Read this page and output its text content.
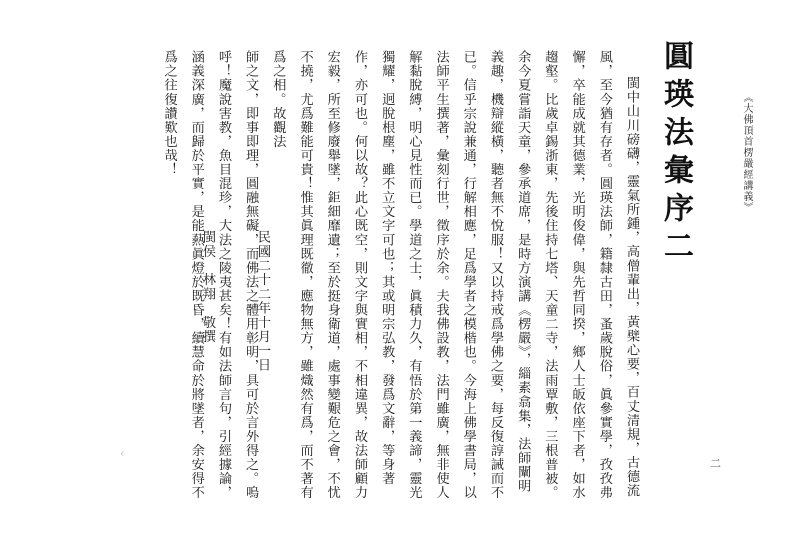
《大佛頂首楞嚴經講義》
圓瑛法彙序二

閩中山川磅礴，靈氣所鍾，高僧輩出，黃檗心要，百丈清規，古德流風，至今猶有存者。圓瑛法師，籍隸古田，蚤歲脫俗，眞參實學，孜孜弗懈，卒能成就其德業，光明俊偉，與先哲同揆，鄉人士皈依座下者，如水趨壑。比歲卓錫浙東，先後住持七塔、天童二寺，法雨覃敷，三根普被。余今夏嘗詣天童，參承道席，是時方演講《楞嚴》，緇素翕集，法師闡明義趣，機辯縱橫，聽者無不悅服！又以持戒爲學佛之要，每反復諄誡而不已。信乎宗說兼通，行解相應，足爲學者之模楷也。今海上佛學書局，以法師平生撰著，彙刻行世，徵序於余。夫我佛設教，法門雖廣，無非使人解黏脫縛，明心見性而已。學道之士，眞積力久，有悟於第一義諦，靈光獨耀，迥脫根塵，雖不立文字可也；其或明宗弘教，發爲文辭，等身著作，亦可也。何以故？此心既空，則文字與實相，不相違異，故法師顧力宏毅，所至修廢舉墜，鉅細靡遺；至於挺身衛道，處事變艱危之會，不忧不撓，尤爲難能可貴！惟其眞理既徹，應物無方，雖熾然有爲，而不著有爲之相。故觀法

師之文，即事即理，圓融無礙，而佛法之體用彰明，具可於言外得之。嗚呼！魔說害教，魚目混珍，大法之陵夷甚矣！有如法師言句，引經據論，涵義深廣，而歸於平實，是能爇眞燈於既昏，續慧命於將墜者，余安得不爲之往復讚歎也哉！

民國二十二年十月一日

閩侯　林翔　敬撰

二
‹
